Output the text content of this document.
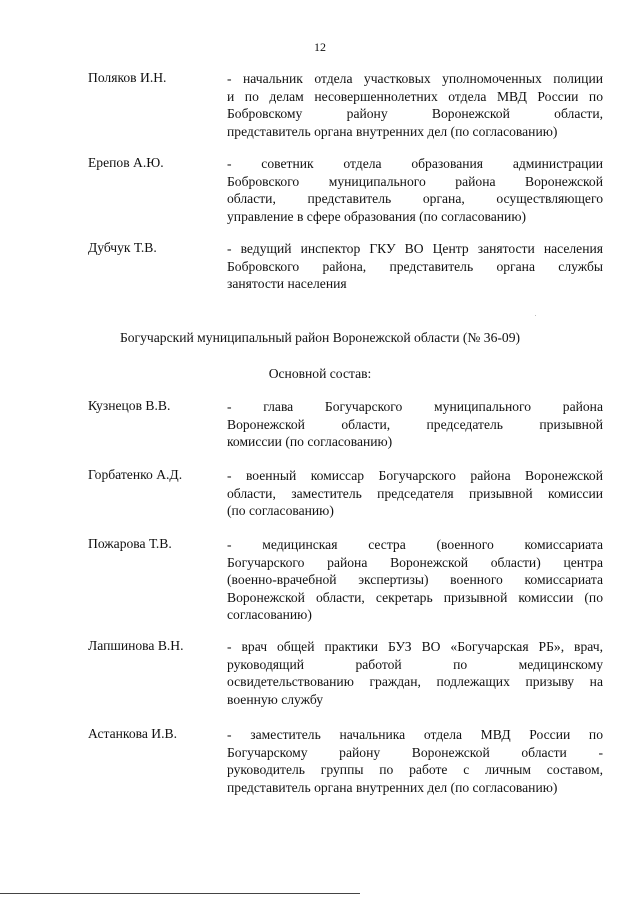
12
Поляков И.Н.	- начальник отдела участковых уполномоченных полиции
и по делам несовершеннолетних отдела МВД России по
Бобровскому районy Воронежской области,
представитель органа внутренних дел (по согласованию)
Ерепов А.Ю.	- советник отдела образования администрации
Бобровского муниципального района Воронежской
области, представитель органа, осуществляющего
управление в сфере образования (по согласованию)
Дубчук Т.В.	- ведущий инспектор ГКУ ВО Центр занятости населения
Бобровского района, представитель органа службы
занятости населения
Богучарский муниципальный район Воронежской области (№ 36-09)
Основной состав:
Кузнецов В.В.	- глава Богучарского муниципального района
Воронежской области, председатель призывной
комиссии (по согласованию)
Горбатенко А.Д.	- военный комиссар Богучарского района Воронежской
области, заместитель председателя призывной комиссии
(по согласованию)
Пожарова Т.В.	- медицинская сестра (военного комиссариата
Богучарского района Воронежской области) центра
(военно-врачебной экспертизы) военного комиссариата
Воронежской области, секретарь призывной комиссии (по
согласованию)
Лапшинова В.Н.	- врач общей практики БУЗ ВО «Богучарская РБ», врач,
руководящий работой по медицинскому
освидетельствованию граждан, подлежащих призыву на
военную службу
Астанкова И.В.	- заместитель начальника отдела МВД России по
Богучарскому району Воронежской области -
руководитель группы по работе с личным составом,
представитель органа внутренних дел (по согласованию)
